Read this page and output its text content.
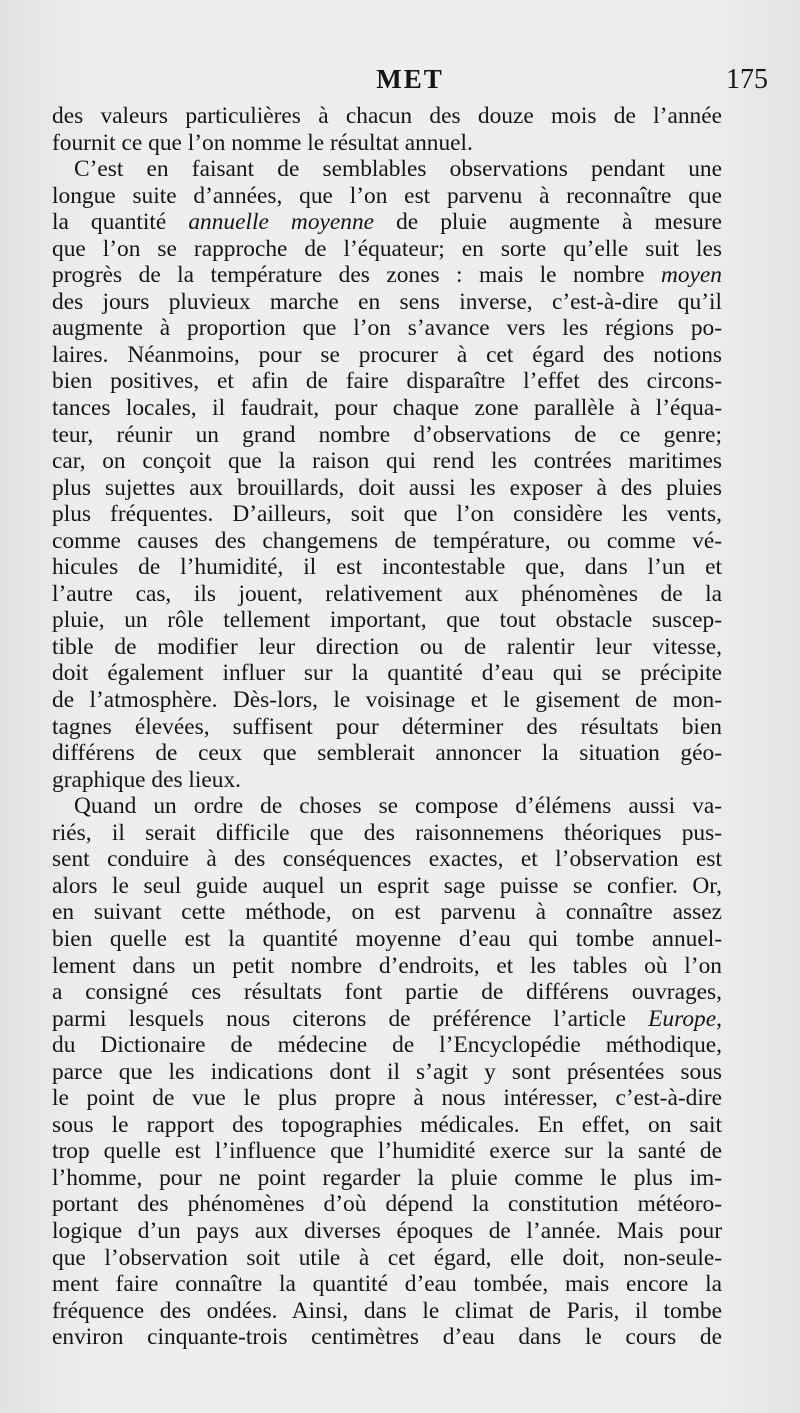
MET	175
des valeurs particulières à chacun des douze mois de l’année
fournit ce que l’on nomme le résultat annuel.
C’est en faisant de semblables observations pendant une
longue suite d’années, que l’on est parvenu à reconnaître que
la quantité annuelle moyenne de pluie augmente à mesure
que l’on se rapproche de l’équateur; en sorte qu’elle suit les
progrès de la température des zones : mais le nombre moyen
des jours pluvieux marche en sens inverse, c’est-à-dire qu’il
augmente à proportion que l’on s’avance vers les régions po-
laires. Néanmoins, pour se procurer à cet égard des notions
bien positives, et afin de faire disparaître l’effet des circons-
tances locales, il faudrait, pour chaque zone parallèle à l’équa-
teur, réunir un grand nombre d’observations de ce genre;
car, on conçoit que la raison qui rend les contrées maritimes
plus sujettes aux brouillards, doit aussi les exposer à des pluies
plus fréquentes. D’ailleurs, soit que l’on considère les vents,
comme causes des changemens de température, ou comme vé-
hicules de l’humidité, il est incontestable que, dans l’un et
l’autre cas, ils jouent, relativement aux phénomènes de la
pluie, un rôle tellement important, que tout obstacle suscep-
tible de modifier leur direction ou de ralentir leur vitesse,
doit également influer sur la quantité d’eau qui se précipite
de l’atmosphère. Dès-lors, le voisinage et le gisement de mon-
tagnes élevées, suffisent pour déterminer des résultats bien
différens de ceux que semblerait annoncer la situation géo-
graphique des lieux.
Quand un ordre de choses se compose d’élémens aussi va-
riés, il serait difficile que des raisonnemens théoriques pus-
sent conduire à des conséquences exactes, et l’observation est
alors le seul guide auquel un esprit sage puisse se confier. Or,
en suivant cette méthode, on est parvenu à connaître assez
bien quelle est la quantité moyenne d’eau qui tombe annuel-
lement dans un petit nombre d’endroits, et les tables où l’on
a consigné ces résultats font partie de différens ouvrages,
parmi lesquels nous citerons de préférence l’article Europe,
du Dictionaire de médecine de l’Encyclopédie méthodique,
parce que les indications dont il s’agit y sont présentées sous
le point de vue le plus propre à nous intéresser, c’est-à-dire
sous le rapport des topographies médicales. En effet, on sait
trop quelle est l’influence que l’humidité exerce sur la santé de
l’homme, pour ne point regarder la pluie comme le plus im-
portant des phénomènes d’où dépend la constitution météoro-
logique d’un pays aux diverses époques de l’année. Mais pour
que l’observation soit utile à cet égard, elle doit, non-seule-
ment faire connaître la quantité d’eau tombée, mais encore la
fréquence des ondées. Ainsi, dans le climat de Paris, il tombe
environ cinquante-trois centimètres d’eau dans le cours de
